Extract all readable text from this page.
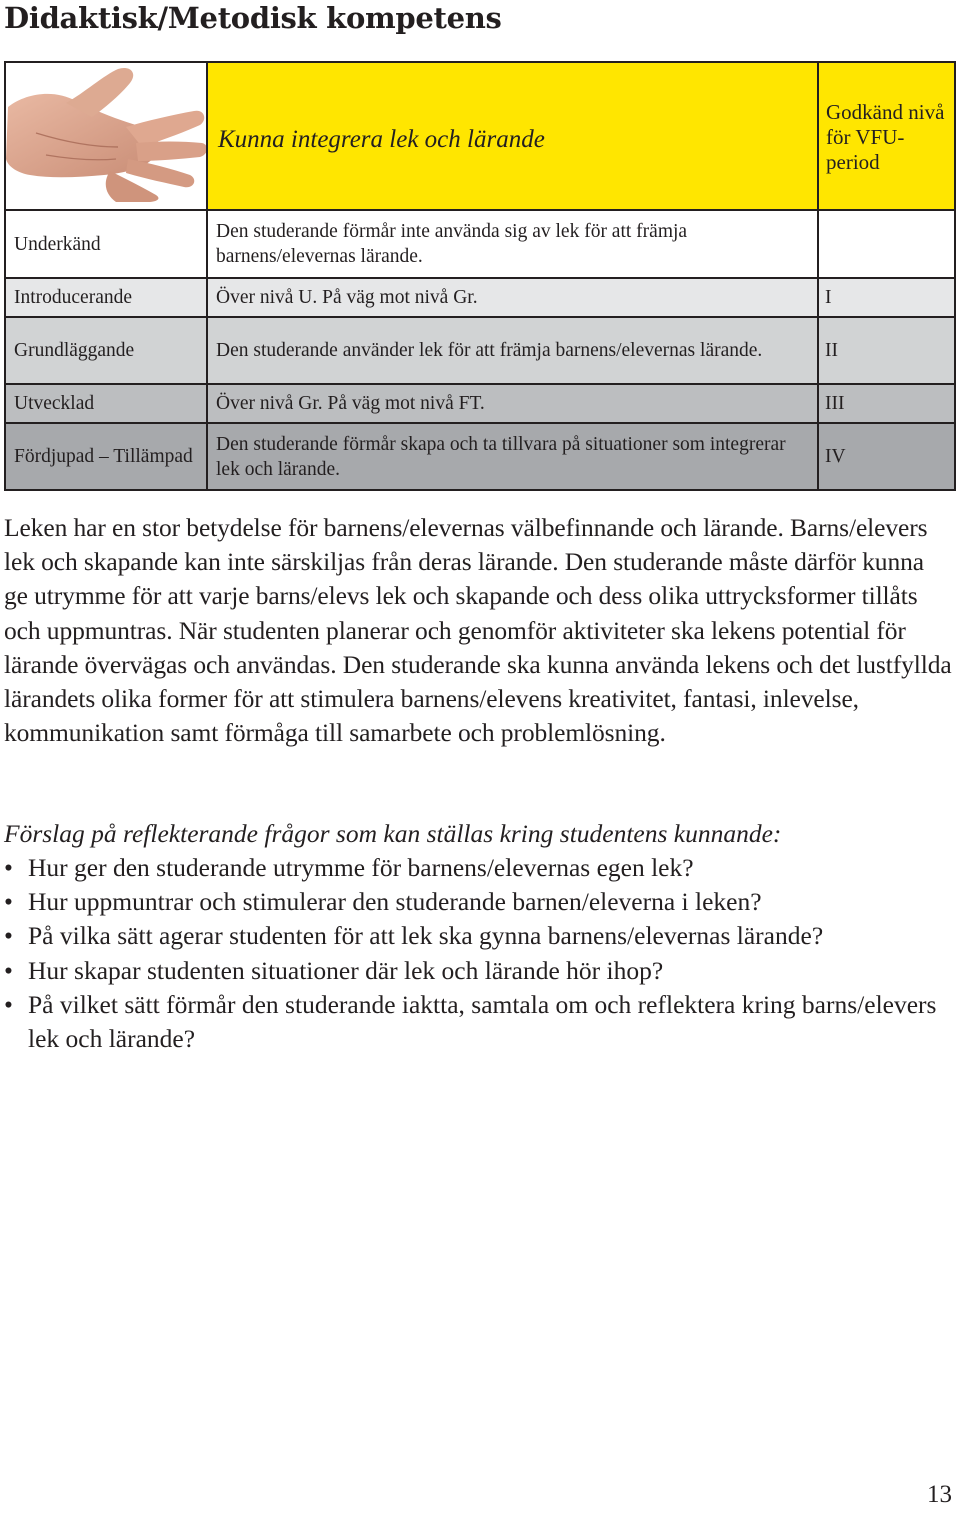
Didaktisk/Metodisk kompetens
	Kunna integrera lek och lärande	Godkänd nivå för VFU-period
Underkänd	Den studerande förmår inte använda sig av lek för att främja barnens/elevernas lärande.	
Introducerande	Över nivå U. På väg mot nivå Gr.	I
Grundläggande	Den studerande använder lek för att främja barnens/elevernas lärande.	II
Utvecklad	Över nivå Gr. På väg mot nivå FT.	III
Fördjupad – Tillämpad	Den studerande förmår skapa och ta tillvara på situationer som integrerar lek och lärande.	IV

Leken har en stor betydelse för barnens/elevernas välbefinnande och lärande. Barns/elevers lek och skapande kan inte särskiljas från deras lärande. Den studerande måste därför kunna ge utrymme för att varje barns/elevs lek och skapande och dess olika uttrycksformer tillåts och uppmuntras. När studenten planerar och genomför aktiviteter ska lekens potential för lärande övervägas och användas. Den studerande ska kunna använda lekens och det lustfyllda lärandets olika former för att stimulera barnens/elevens kreativitet, fantasi, inlevelse, kommunikation samt förmåga till samarbete och problemlösning.

Förslag på reflekterande frågor som kan ställas kring studentens kunnande:

• Hur ger den studerande utrymme för barnens/elevernas egen lek?
• Hur uppmuntrar och stimulerar den studerande barnen/eleverna i leken?
• På vilka sätt agerar studenten för att lek ska gynna barnens/elevernas lärande?
• Hur skapar studenten situationer där lek och lärande hör ihop?
• På vilket sätt förmår den studerande iaktta, samtala om och reflektera kring barns/elevers lek och lärande?
13
